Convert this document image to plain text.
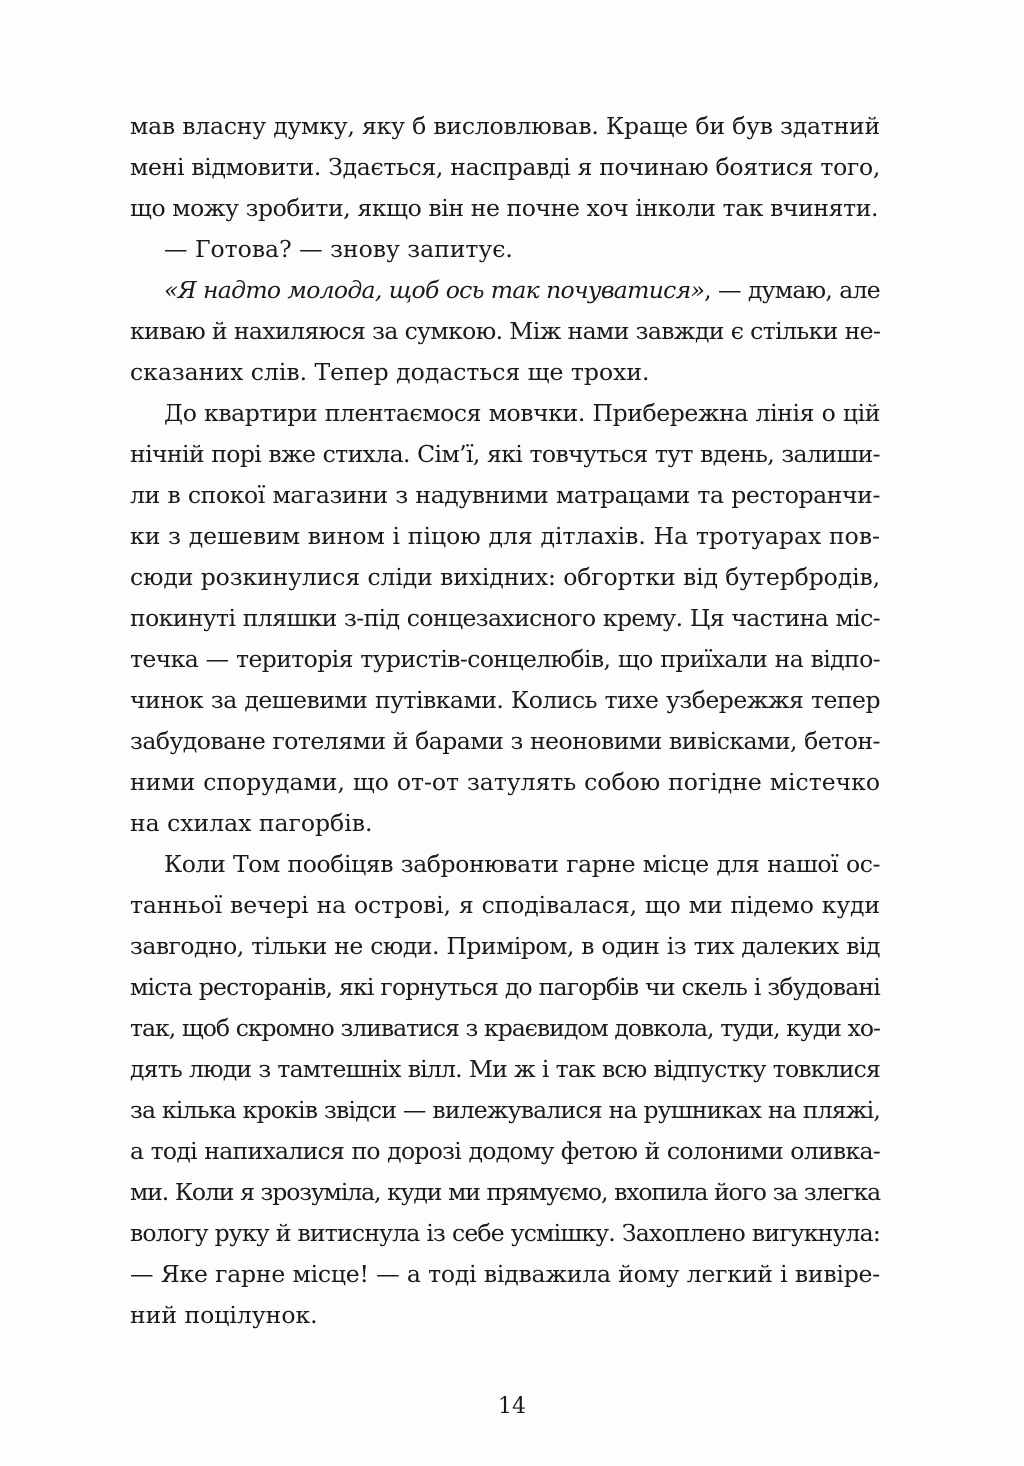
мав власну думку, яку б висловлював. Краще би був здатний
мені відмовити. Здається, насправді я починаю боятися того,
що можу зробити, якщо він не почне хоч інколи так вчиняти.
— Готова? — знову запитує.
«Я надто молода, щоб ось так почуватися», — думаю, але
киваю й нахиляюся за сумкою. Між нами завжди є стільки не-
сказаних слів. Тепер додасться ще трохи.
До квартири плентаємося мовчки. Прибережна лінія о цій
нічній порі вже стихла. Сім’ї, які товчуться тут вдень, залиши-
ли в спокої магазини з надувними матрацами та ресторанчи-
ки з дешевим вином і піцою для дітлахів. На тротуарах пов-
сюди розкинулися сліди вихідних: обгортки від бутербродів,
покинуті пляшки з-під сонцезахисного крему. Ця частина міс-
течка — територія туристів-сонцелюбів, що приїхали на відпо-
чинок за дешевими путівками. Колись тихе узбережжя тепер
забудоване готелями й барами з неоновими вивісками, бетон-
ними спорудами, що от-от затулять собою погідне містечко
на схилах пагорбів.
Коли Том пообіцяв забронювати гарне місце для нашої ос-
танньої вечері на острові, я сподівалася, що ми підемо куди
завгодно, тільки не сюди. Приміром, в один із тих далеких від
міста ресторанів, які горнуться до пагорбів чи скель і збудовані
так, щоб скромно зливатися з краєвидом довкола, туди, куди хо-
дять люди з тамтешніх вілл. Ми ж і так всю відпустку товклися
за кілька кроків звідси — вилежувалися на рушниках на пляжі,
а тоді напихалися по дорозі додому фетою й солоними оливка-
ми. Коли я зрозуміла, куди ми прямуємо, вхопила його за злегка
вологу руку й витиснула із себе усмішку. Захоплено вигукнула:
— Яке гарне місце! — а тоді відважила йому легкий і вивіре-
ний поцілунок.
14
